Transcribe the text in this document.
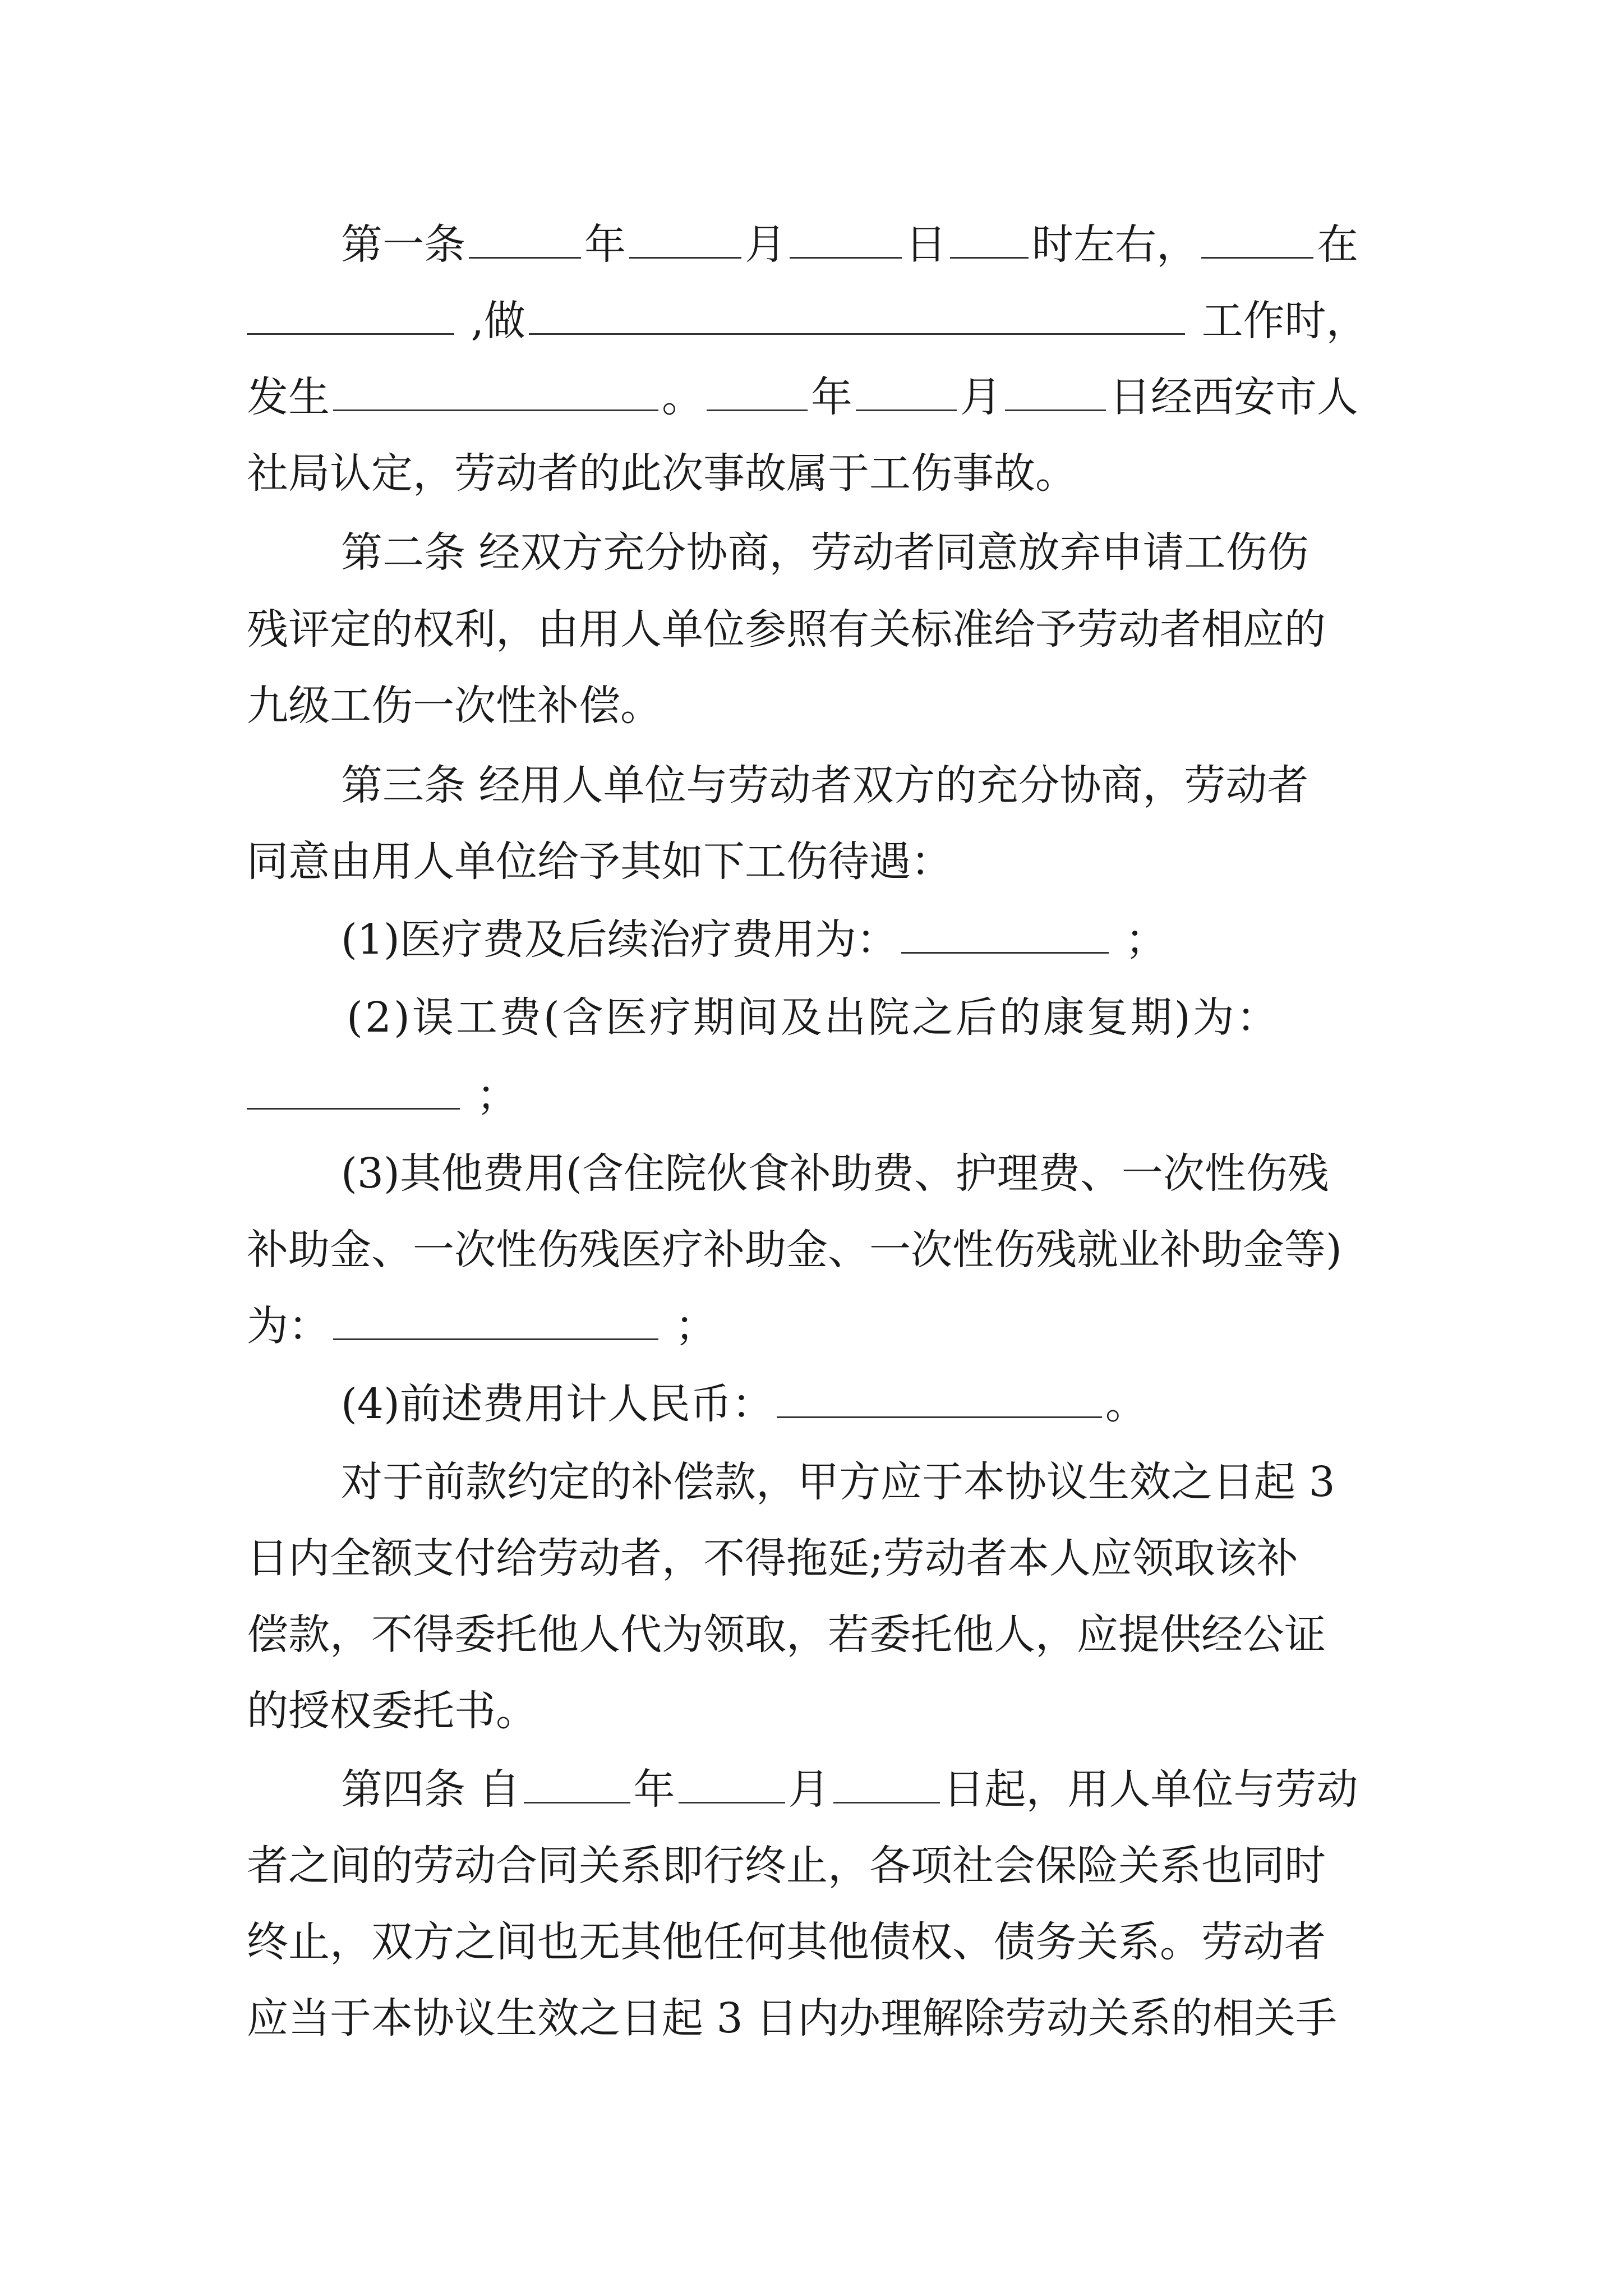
第一条	年	月	日 时左右，	在
,做	工作时，
发生	。	年	月	日经西安市人
社局认定，劳动者的此次事故属于工伤事故。
第二条 经双方充分协商，劳动者同意放弃申请工伤伤
残评定的权利，由用人单位参照有关标准给予劳动者相应的
九级工伤一次性补偿。
第三条 经用人单位与劳动者双方的充分协商，劳动者
同意由用人单位给予其如下工伤待遇：
(1)医疗费及后续治疗费用为：	；
(2)误工费(含医疗期间及出院之后的康复期)为：
；
(3)其他费用(含住院伙食补助费、护理费、一次性伤残
补助金、一次性伤残医疗补助金、一次性伤残就业补助金等)
为：	；
(4)前述费用计人民币：	。
对于前款约定的补偿款，甲方应于本协议生效之日起 3
日内全额支付给劳动者，不得拖延;劳动者本人应领取该补
偿款，不得委托他人代为领取，若委托他人，应提供经公证
的授权委托书。
第四条 自	年	月	日起，用人单位与劳动
者之间的劳动合同关系即行终止，各项社会保险关系也同时
终止，双方之间也无其他任何其他债权、债务关系。劳动者
应当于本协议生效之日起 3 日内办理解除劳动关系的相关手
